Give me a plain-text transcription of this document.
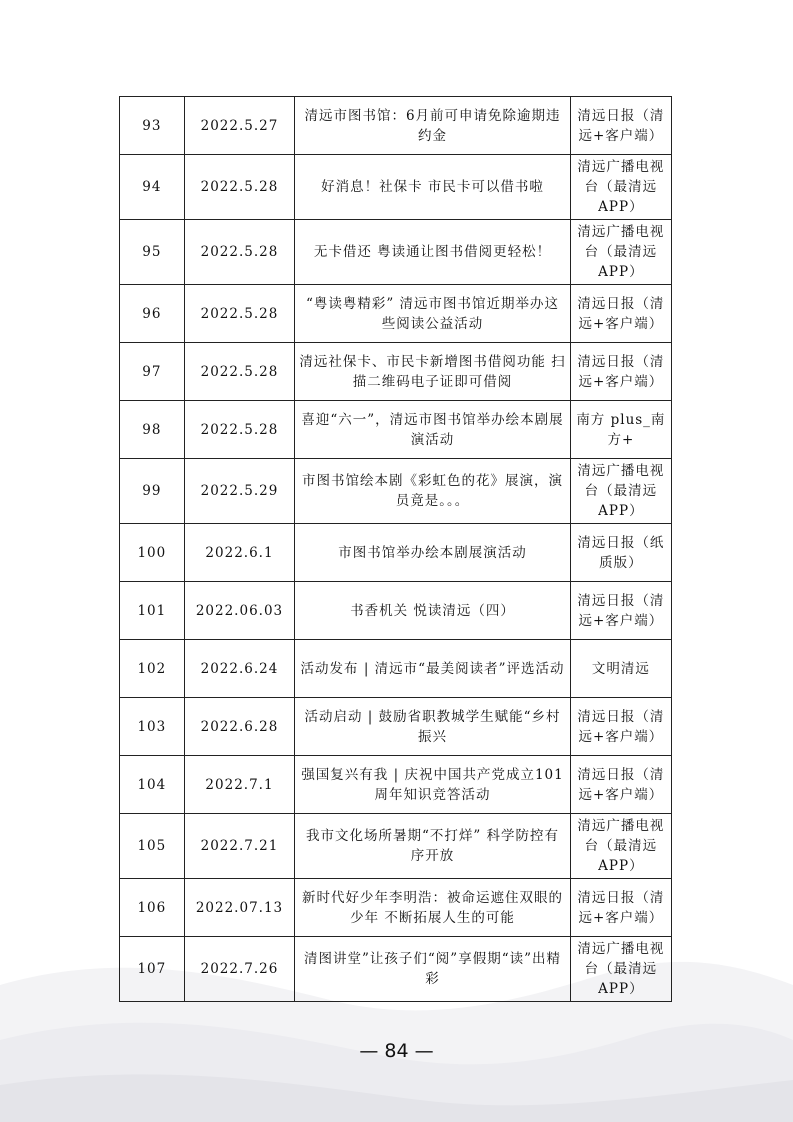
93	2022.5.27	清远市图书馆：6月前可申请免除逾期违约金	清远日报（清远+客户端）
94	2022.5.28	好消息！社保卡 市民卡可以借书啦	清远广播电视台（最清远APP）
95	2022.5.28	无卡借还 粤读通让图书借阅更轻松！	清远广播电视台（最清远APP）
96	2022.5.28	“粤读粤精彩” 清远市图书馆近期举办这些阅读公益活动	清远日报（清远+客户端）
97	2022.5.28	清远社保卡、市民卡新增图书借阅功能 扫描二维码电子证即可借阅	清远日报（清远+客户端）
98	2022.5.28	喜迎“六一”，清远市图书馆举办绘本剧展演活动	南方 plus_南方+
99	2022.5.29	市图书馆绘本剧《彩虹色的花》展演，演员竟是。。。	清远广播电视台（最清远APP）
100	2022.6.1	市图书馆举办绘本剧展演活动	清远日报（纸质版）
101	2022.06.03	书香机关 悦读清远（四）	清远日报（清远+客户端）
102	2022.6.24	活动发布 | 清远市“最美阅读者”评选活动	文明清远
103	2022.6.28	活动启动 | 鼓励省职教城学生赋能“乡村振兴	清远日报（清远+客户端）
104	2022.7.1	强国复兴有我 | 庆祝中国共产党成立101周年知识竞答活动	清远日报（清远+客户端）
105	2022.7.21	我市文化场所暑期“不打烊” 科学防控有序开放	清远广播电视台（最清远APP）
106	2022.07.13	新时代好少年李明浩：被命运遮住双眼的少年 不断拓展人生的可能	清远日报（清远+客户端）
107	2022.7.26	清图讲堂”让孩子们“阅”享假期“读”出精彩	清远广播电视台（最清远APP）
— 84 —
